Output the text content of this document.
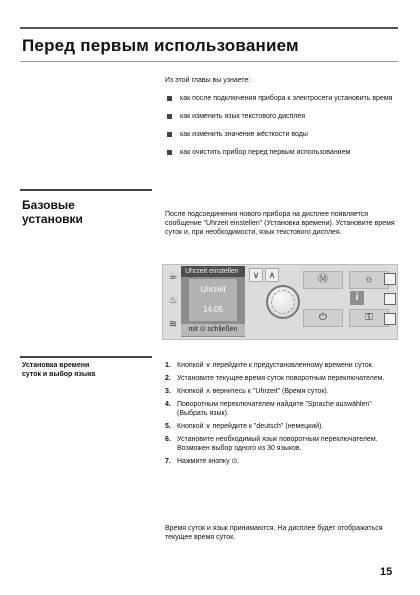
Перед первым использованием
Из этой главы вы узнаете:
как после подключения прибора к электросети установить время
как изменить язык текстового дисплея
как изменить значение жёсткости воды
как очистить прибор перед первым использованием
Базовые
установки	После подсоединения нового прибора на дисплее появляется сообщение "Uhrzeit einstellen" (Установка времени). Установите время суток и, при необходимости, язык текстового дисплея.
☕
♨
≋
Uhrzeit einstellen
Uhrzeit
14:05
mit ⊙ schließen
∨	∧	Ⓜ
⏻
☼
i
⚿
Установка времени
суток и выбор языка
1. Кнопкой ∨ перейдите к предустановленному времени суток.
2. Установите текущее время суток поворотным переключателем.
3. Кнопкой ∧ вернитесь к "Uhrzeit" (Время суток).
4. Поворотным переключателем найдите "Sprache auswählen" (Выбрать язык).
5. Кнопкой ∨ перейдите к "deutsch" (немецкий).
6. Установите необходимый язык поворотным переключателем. Возможен выбор одного из 30 языков.
7. Нажмите кнопку ⊙.
Время суток и язык принимаются. На дисплее будет отображаться текущее время суток.
15
